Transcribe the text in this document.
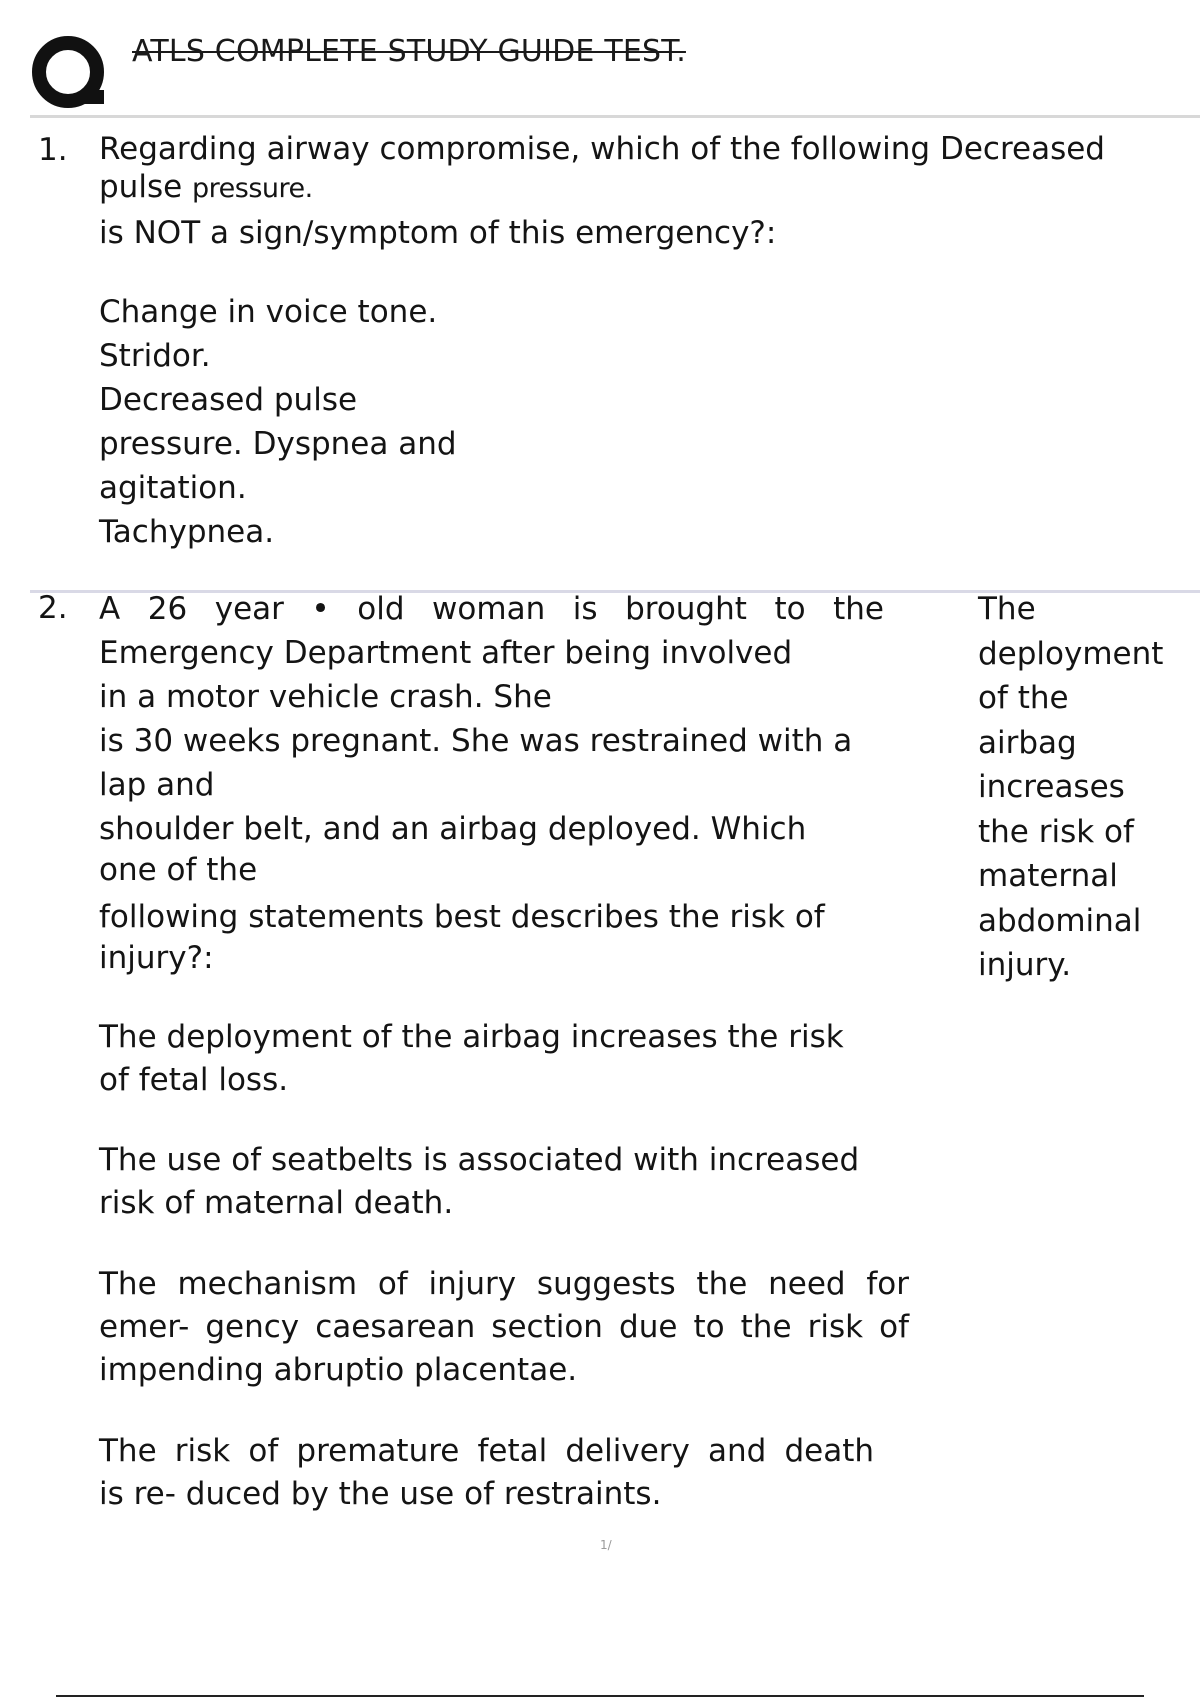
ATLS COMPLETE STUDY GUIDE TEST.
1. Regarding airway compromise, which of the following Decreased
pulse pressure.
is NOT a sign/symptom of this emergency?:
Change in voice tone.
Stridor.
Decreased pulse
pressure. Dyspnea and
agitation.
Tachypnea.
2. A 26 year • old woman is brought to the
Emergency Department after being involved
in a motor vehicle crash. She
is 30 weeks pregnant. She was restrained with a
lap and
shoulder belt, and an airbag deployed. Which
one of the
following statements best describes the risk of
injury?:
The
deployment
of the
airbag
increases
the risk of
maternal
abdominal
injury.
The deployment of the airbag increases the risk
of fetal loss.
The use of seatbelts is associated with increased
risk of maternal death.
The mechanism of injury suggests the need for
emer- gency caesarean section due to the risk of
impending abruptio placentae.
The risk of premature fetal delivery and death
is re- duced by the use of restraints.
1/
